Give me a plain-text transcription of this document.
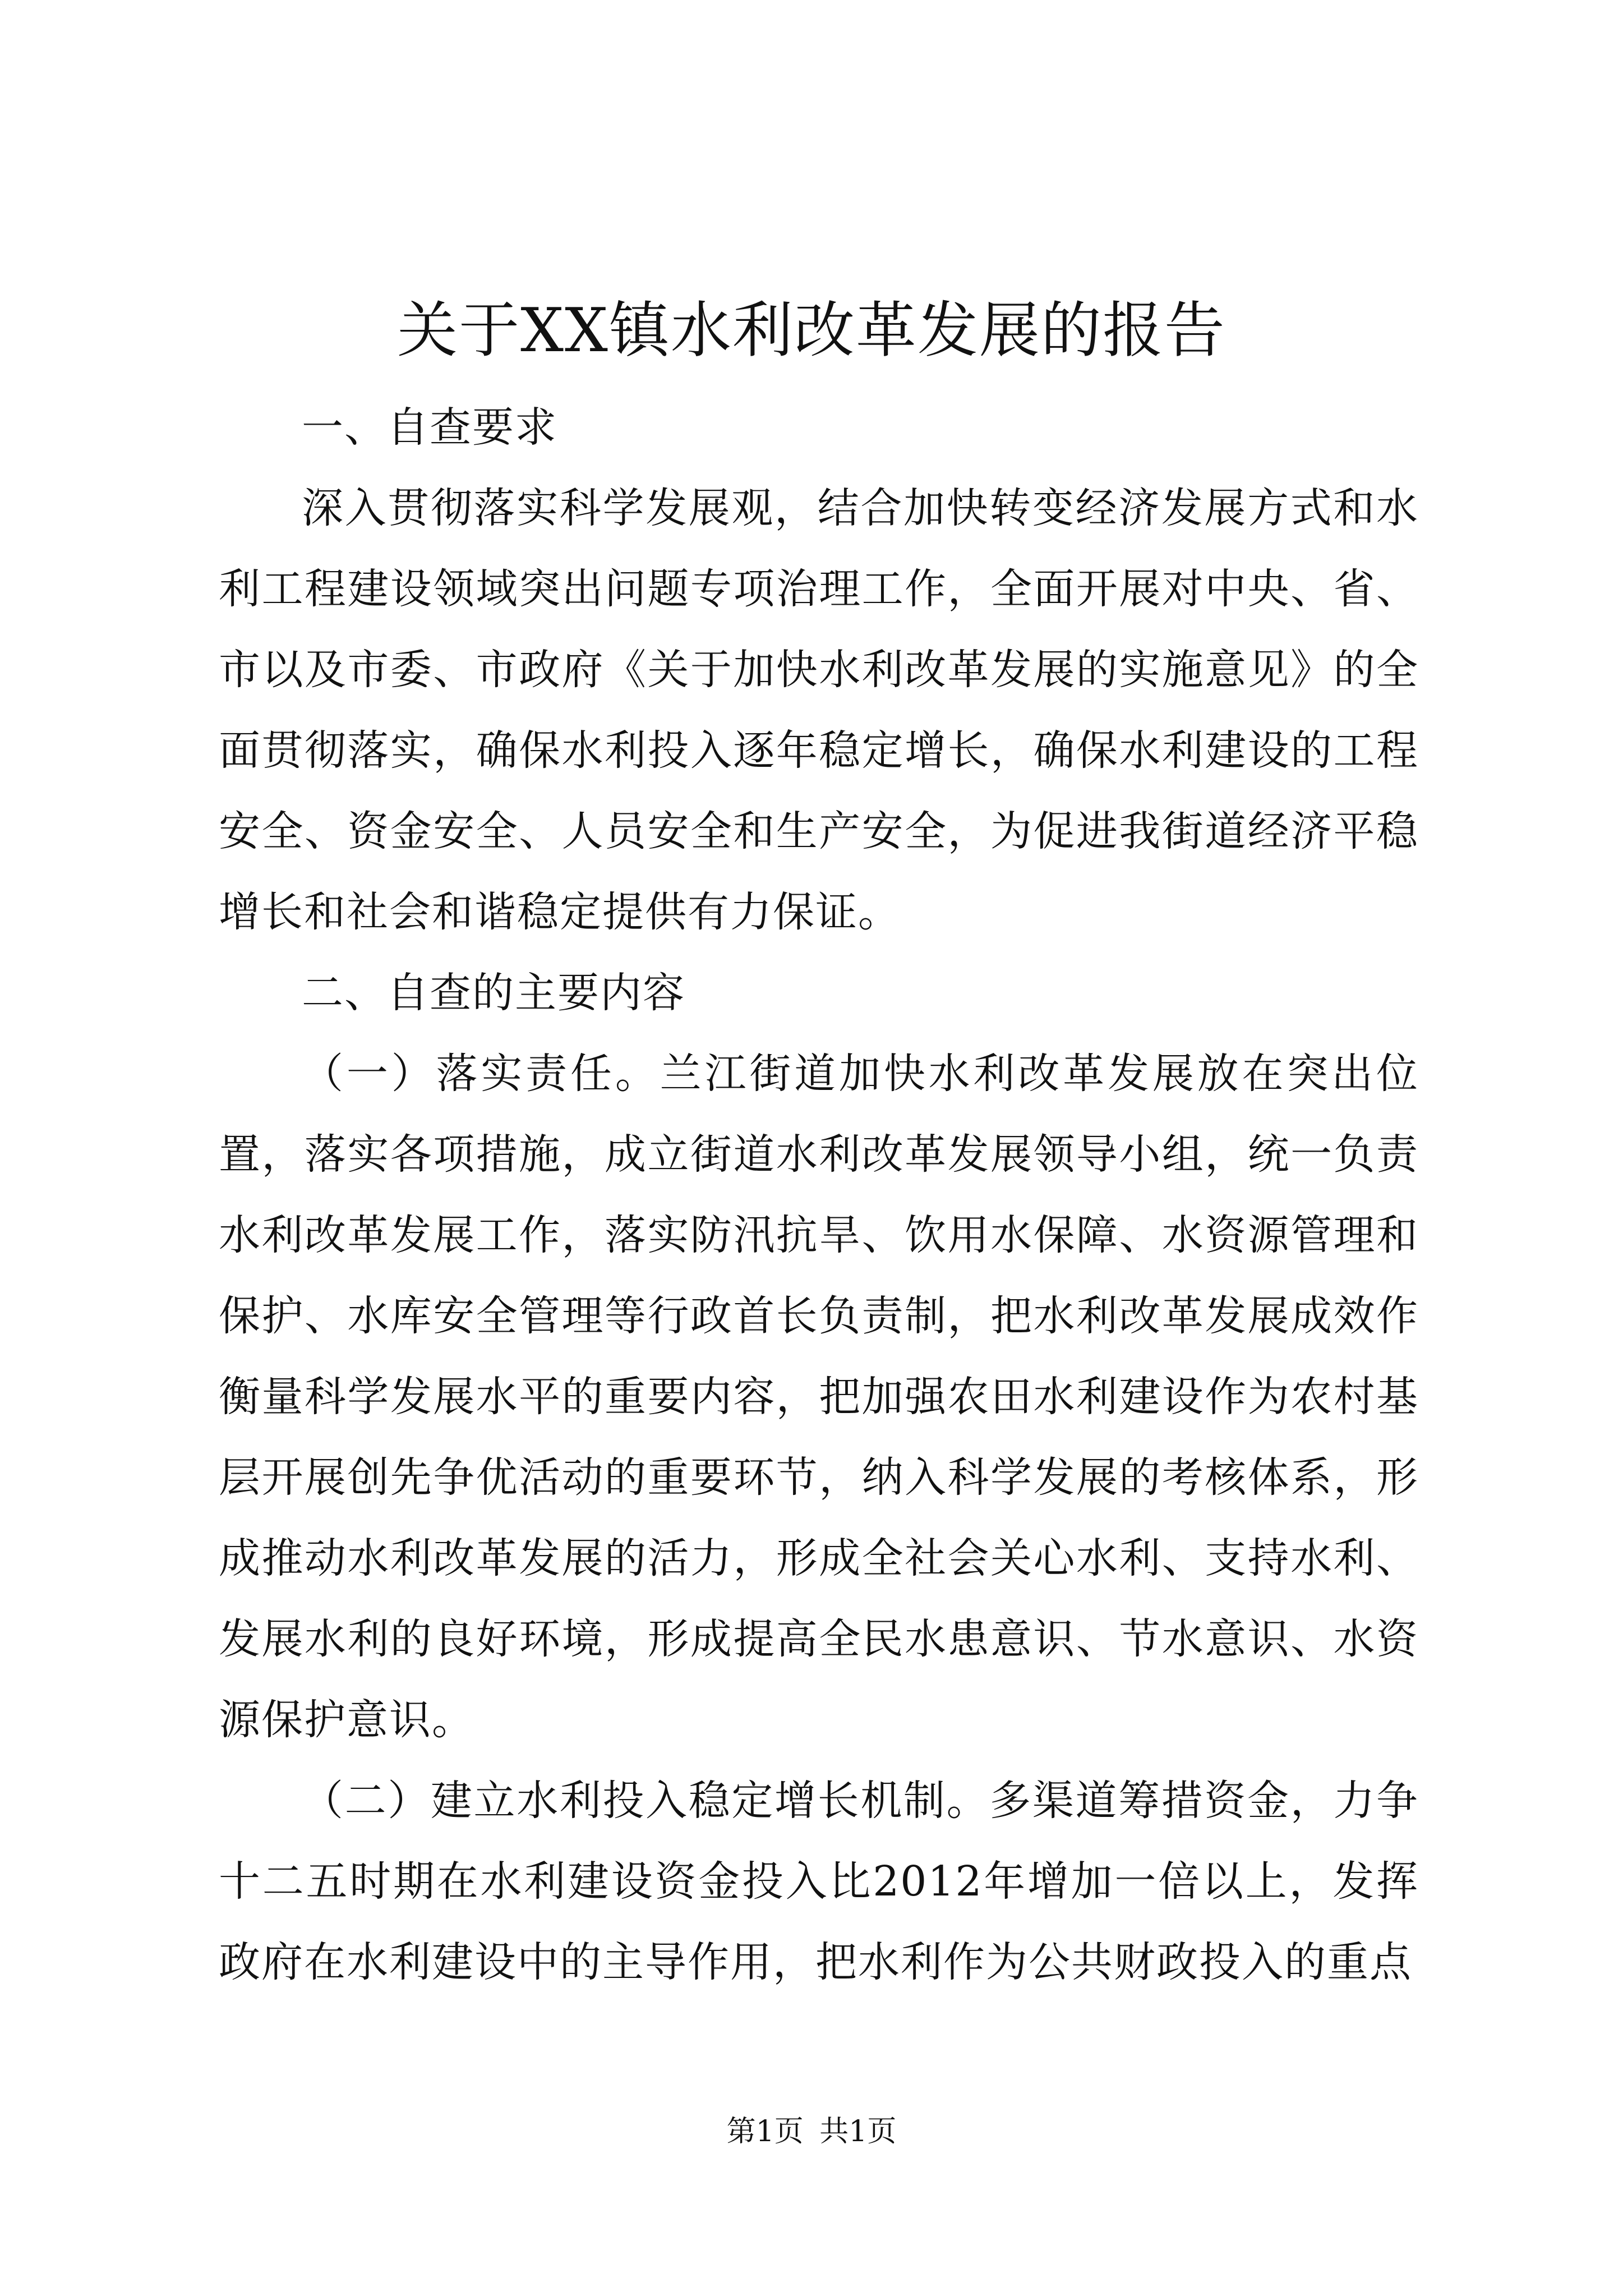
关于XX镇水利改革发展的报告

一、自查要求

深入贯彻落实科学发展观，结合加快转变经济发展方式和水利工程建设领域突出问题专项治理工作，全面开展对中央、省、市以及市委、市政府《关于加快水利改革发展的实施意见》的全面贯彻落实，确保水利投入逐年稳定增长，确保水利建设的工程安全、资金安全、人员安全和生产安全，为促进我街道经济平稳增长和社会和谐稳定提供有力保证。

二、自查的主要内容

（一）落实责任。兰江街道加快水利改革发展放在突出位置，落实各项措施，成立街道水利改革发展领导小组，统一负责水利改革发展工作，落实防汛抗旱、饮用水保障、水资源管理和保护、水库安全管理等行政首长负责制，把水利改革发展成效作衡量科学发展水平的重要内容，把加强农田水利建设作为农村基层开展创先争优活动的重要环节，纳入科学发展的考核体系，形成推动水利改革发展的活力，形成全社会关心水利、支持水利、发展水利的良好环境，形成提高全民水患意识、节水意识、水资源保护意识。

（二）建立水利投入稳定增长机制。多渠道筹措资金，力争十二五时期在水利建设资金投入比2012年增加一倍以上，发挥政府在水利建设中的主导作用，把水利作为公共财政投入的重点

第1页 共1页
